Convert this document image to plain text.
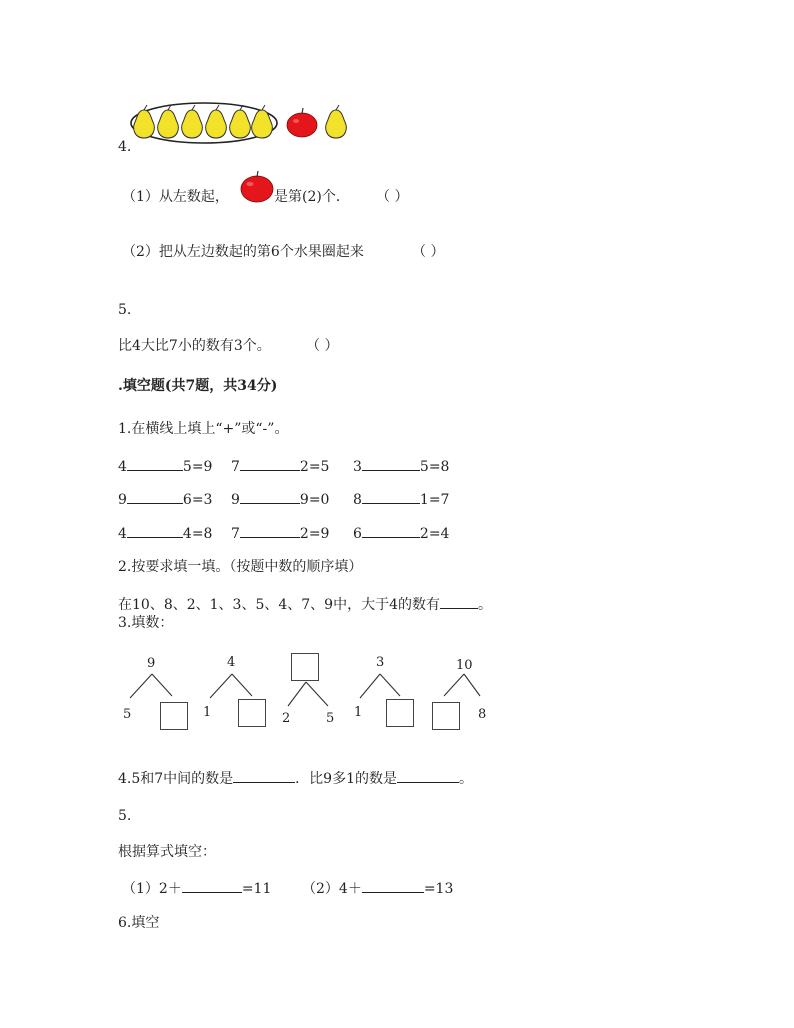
4.
（1）从左数起，	是第(2)个． （ ）
（2）把从左边数起的第6个水果圈起来	（ ）
5.
比4大比7小的数有3个。	（ ）
.填空题(共7题，共34分)
1.在横线上填上“+”或“-”。
4	5=9 7	2=5 3	5=8
9	6=3 9	9=0 8	1=7
4	4=8 7	2=9 6	2=4
2.按要求填一填。（按题中数的顺序填）
在10、8、2、1、3、5、4、7、9中，大于4的数有	。
3.填数：
9
5
4
1	2	5
3
1
10
8
4.5和7中间的数是	．比9多1的数是	。
5.
根据算式填空：
（1）2＋	=11 （2）4＋	=13
6.填空
